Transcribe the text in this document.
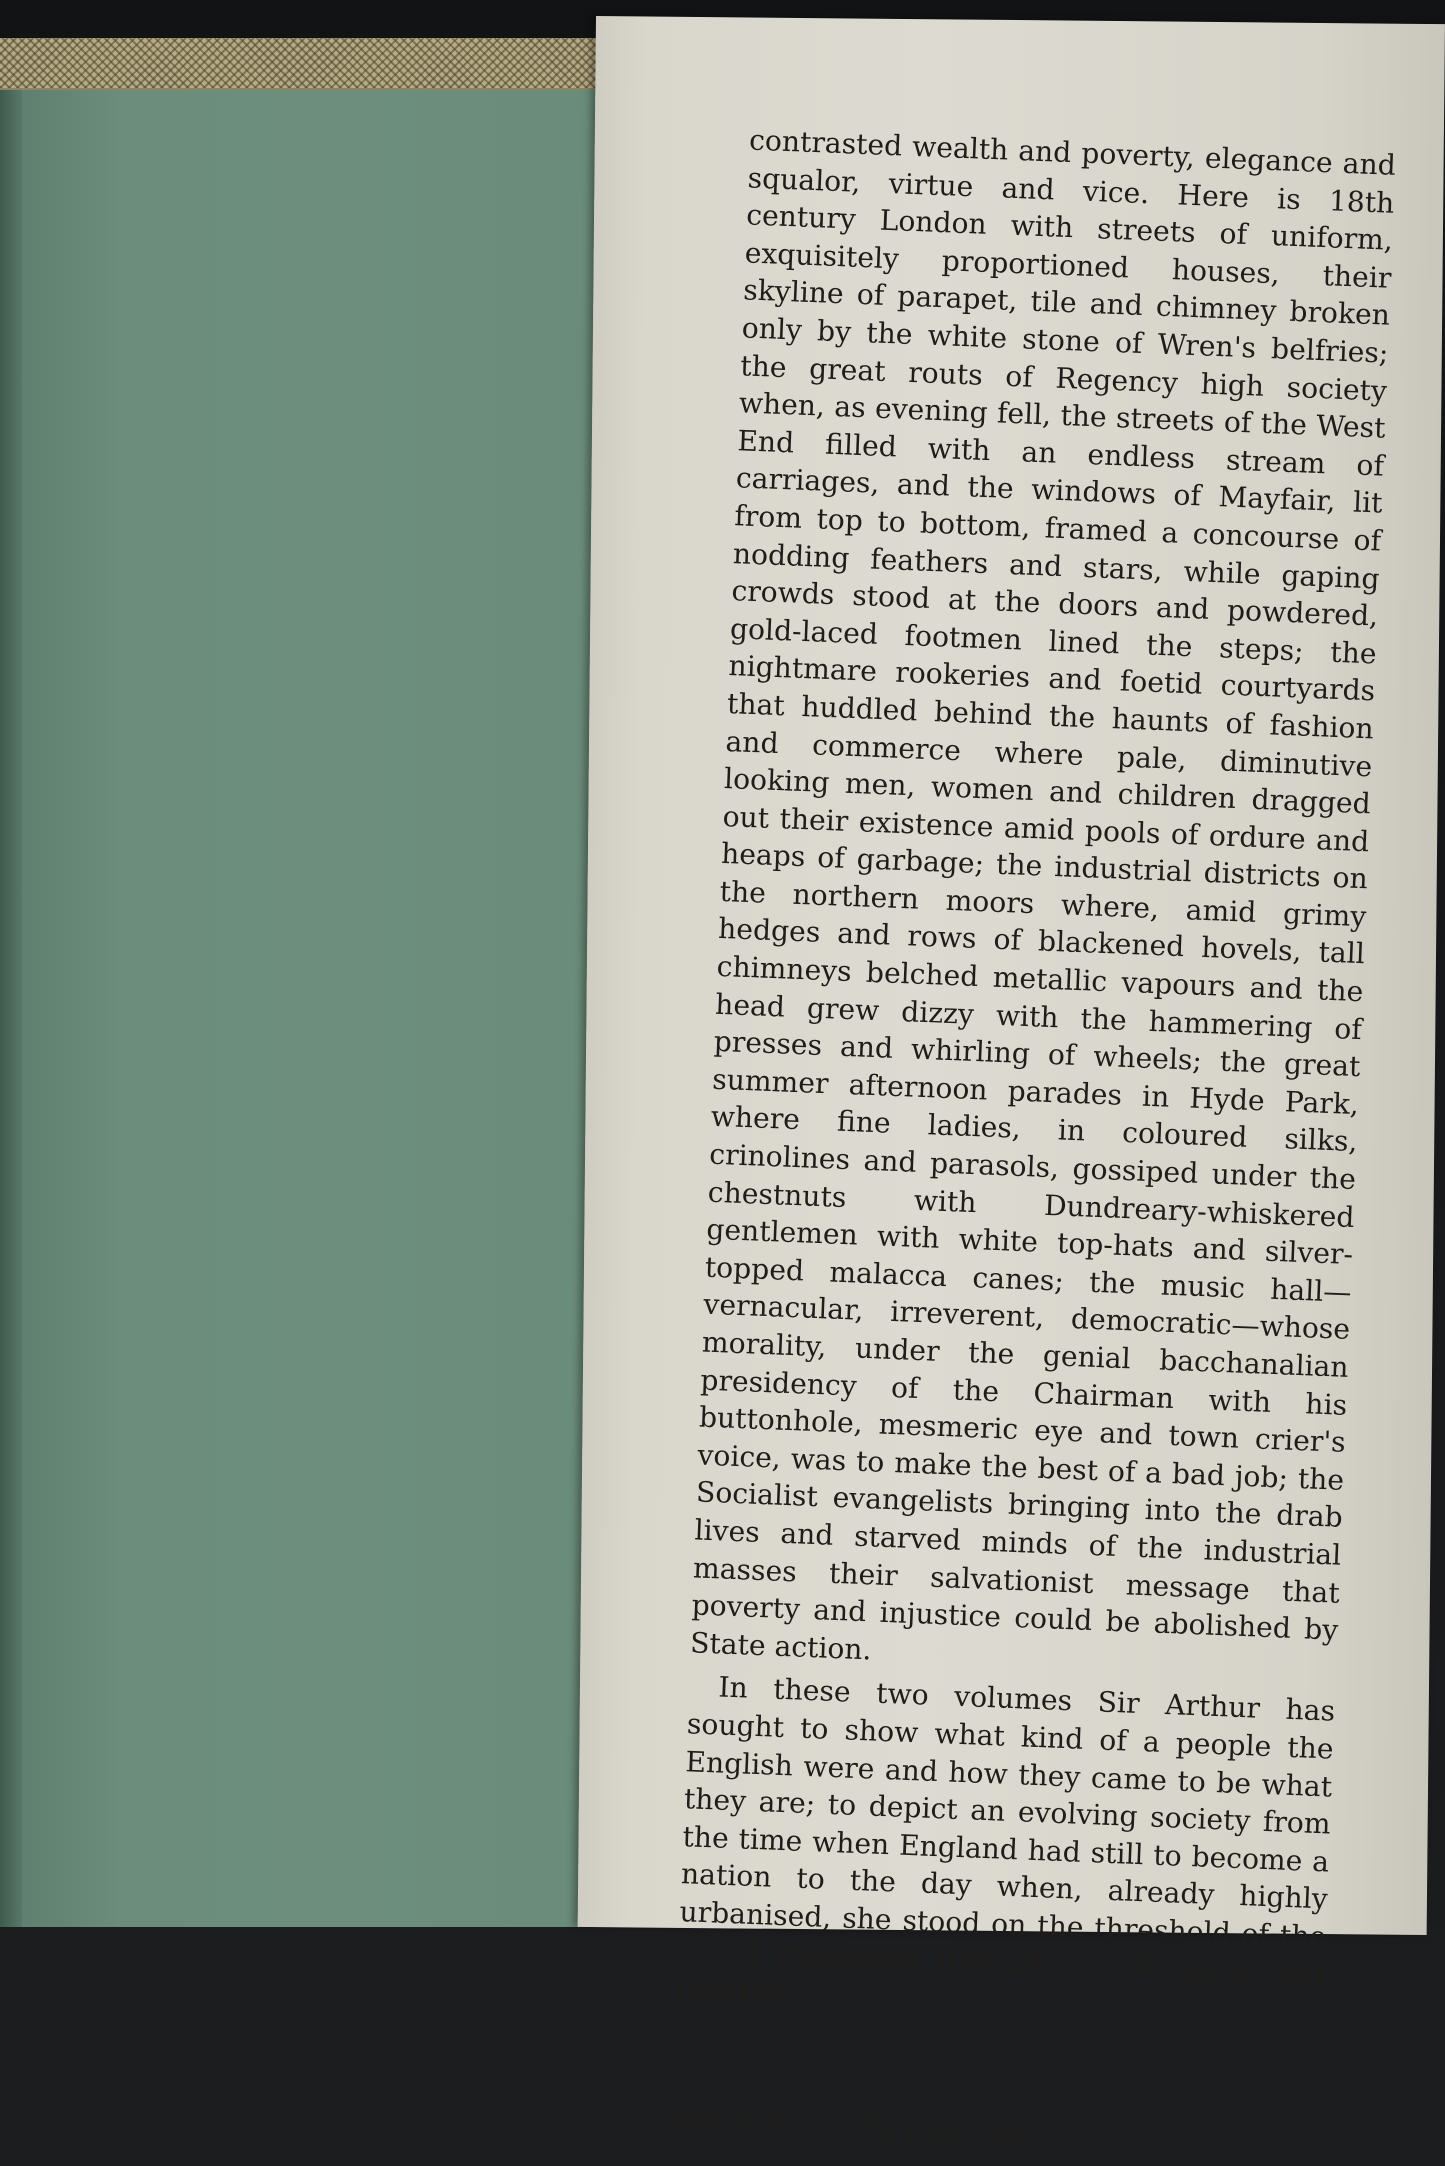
contrasted wealth and poverty, elegance and squalor, virtue and vice. Here is 18th century London with streets of uniform, exquisitely proportioned houses, their skyline of parapet, tile and chimney broken only by the white stone of Wren's belfries; the great routs of Regency high society when, as evening fell, the streets of the West End filled with an endless stream of carriages, and the windows of Mayfair, lit from top to bottom, framed a concourse of nodding feathers and stars, while gaping crowds stood at the doors and powdered, gold-laced footmen lined the steps; the nightmare rookeries and foetid courtyards that huddled behind the haunts of fashion and commerce where pale, diminutive looking men, women and children dragged out their existence amid pools of ordure and heaps of garbage; the industrial districts on the northern moors where, amid grimy hedges and rows of blackened hovels, tall chimneys belched metallic vapours and the head grew dizzy with the hammering of presses and whirling of wheels; the great summer afternoon parades in Hyde Park, where fine ladies, in coloured silks, crinolines and parasols, gossiped under the chestnuts with Dundreary-whiskered gentlemen with white top-hats and silver-topped malacca canes; the music hall—vernacular, irreverent, democratic—whose morality, under the genial bacchanalian presidency of the Chairman with his buttonhole, mesmeric eye and town crier's voice, was to make the best of a bad job; the Socialist evangelists bringing into the drab lives and starved minds of the industrial masses their salvationist message that poverty and injustice could be abolished by State action.

In these two volumes Sir Arthur has sought to show what kind of a people the English were and how they came to be what they are; to depict an evolving society from the time when England had still to become a nation to the day when, already highly urbanised, she stood on the threshold of the social revolution through which she is still passing.

Jacket design by Dell'Orco
